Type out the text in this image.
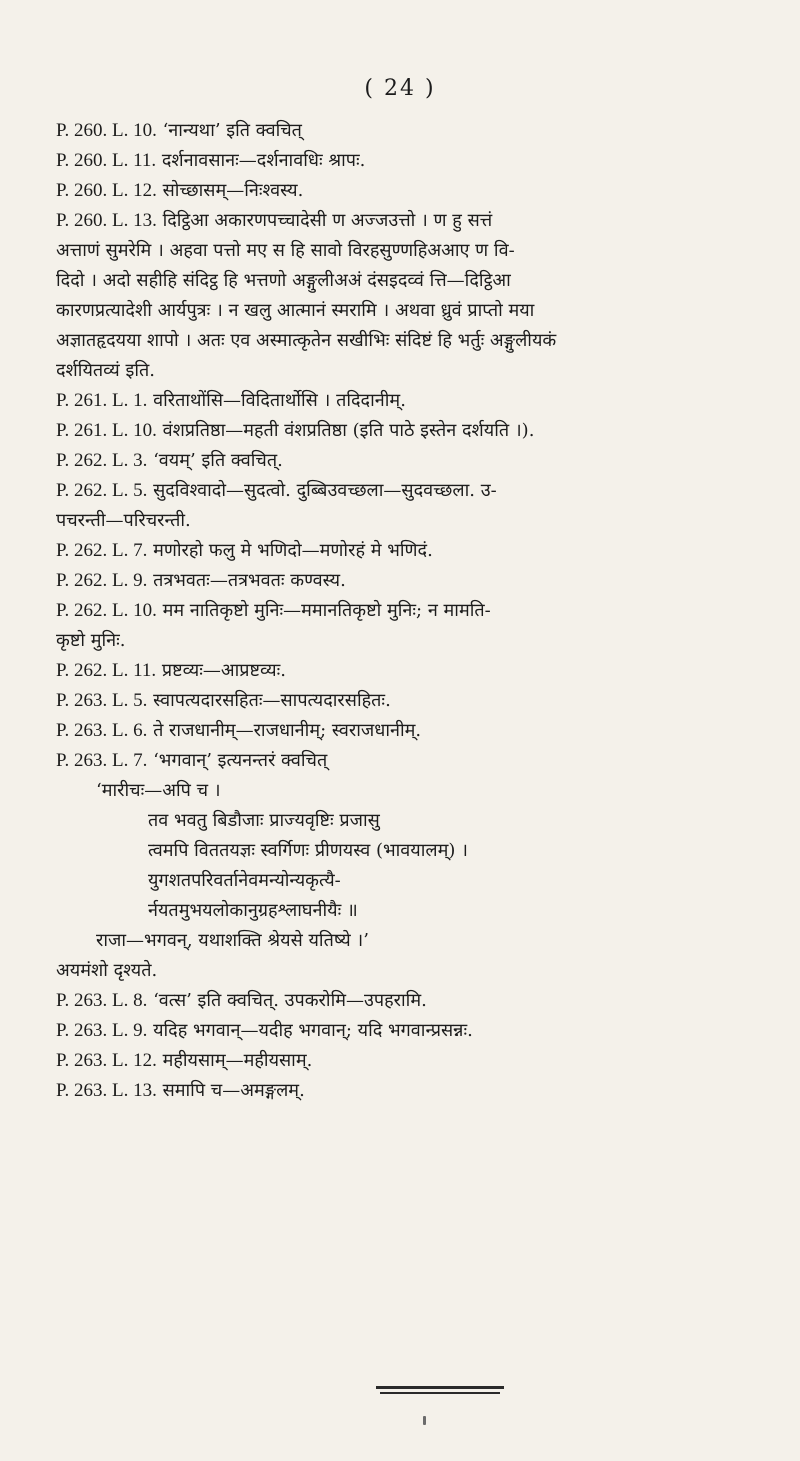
( 24 )
P. 260. L. 10. ‘नान्यथा’ इति क्वचित्
P. 260. L. 11. दर्शनावसानः—दर्शनावधिः श्रापः.
P. 260. L. 12. सोच्छासम्—निःश्वस्य.
P. 260. L. 13. दिट्ठिआ अकारणपच्चादेसी ण अज्जउत्तो । ण हु सत्तं
अत्ताणं सुमरेमि । अहवा पत्तो मए स हि सावो विरहसुण्णहिअआए ण वि-
दिदो । अदो सहीहि संदिट्ठ हि भत्तणो अङ्गुलीअअं दंसइदव्वं त्ति—दिट्ठिआ
कारणप्रत्यादेशी आर्यपुत्रः । न खलु आत्मानं स्मरामि । अथवा ध्रुवं प्राप्तो मया
अज्ञातहृदयया शापो । अतः एव अस्मात्कृतेन सखीभिः संदिष्टं हि भर्तुः अङ्गुलीयकं
दर्शयितव्यं इति.
P. 261. L. 1. वरिताथोंसि—विदितार्थोसि । तदिदानीम्.
P. 261. L. 10. वंशप्रतिष्ठा—महती वंशप्रतिष्ठा (इति पाठे इस्तेन दर्शयति ।).
P. 262. L. 3. ‘वयम्’ इति क्वचित्.
P. 262. L. 5. सुदविश्वादो—सुदत्वो. दुब्बिउवच्छला—सुदवच्छला. उ-
पचरन्ती—परिचरन्ती.
P. 262. L. 7. मणोरहो फलु मे भणिदो—मणोरहं मे भणिदं.
P. 262. L. 9. तत्रभवतः—तत्रभवतः कण्वस्य.
P. 262. L. 10. मम नातिकृष्टो मुनिः—ममानतिकृष्टो मुनिः; न मामति-
कृष्टो मुनिः.
P. 262. L. 11. प्रष्टव्यः—आप्रष्टव्यः.
P. 263. L. 5. स्वापत्यदारसहितः—सापत्यदारसहितः.
P. 263. L. 6. ते राजधानीम्—राजधानीम्; स्वराजधानीम्.
P. 263. L. 7. ‘भगवान्’ इत्यनन्तरं क्वचित्
‘मारीचः—अपि च ।
तव भवतु बिडौजाः प्राज्यवृष्टिः प्रजासु
त्वमपि विततयज्ञः स्वर्गिणः प्रीणयस्व (भावयालम्) ।
युगशतपरिवर्तानेवमन्योन्यकृत्यै-
र्नयतमुभयलोकानुग्रहश्लाघनीयैः ॥
राजा—भगवन्, यथाशक्ति श्रेयसे यतिष्ये ।’
अयमंशो दृश्यते.
P. 263. L. 8. ‘वत्स’ इति क्वचित्. उपकरोमि—उपहरामि.
P. 263. L. 9. यदिह भगवान्—यदीह भगवान्; यदि भगवान्प्रसन्नः.
P. 263. L. 12. महीयसाम्—महीयसाम्.
P. 263. L. 13. समापि च—अमङ्गलम्.
